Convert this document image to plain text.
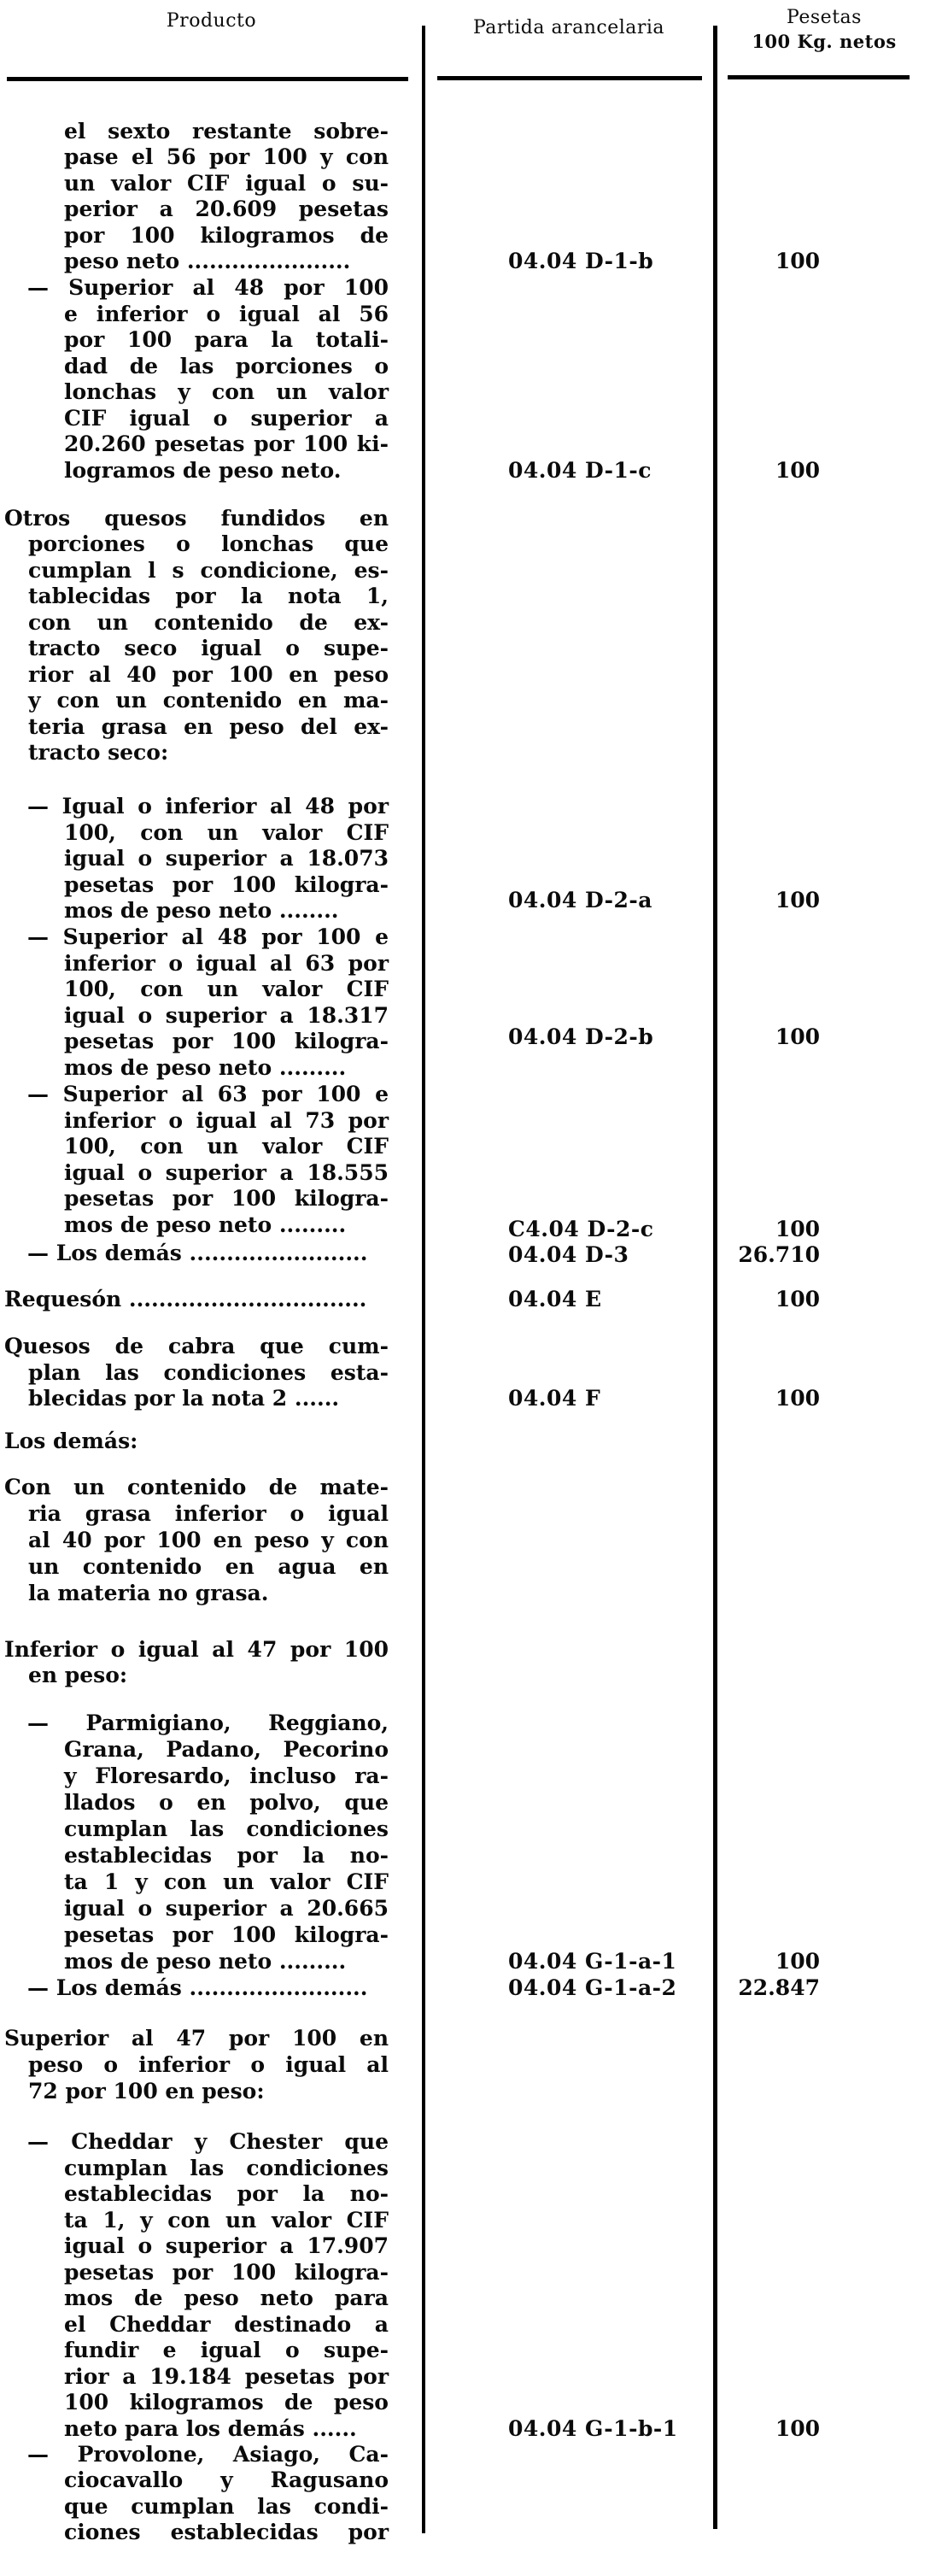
Producto	Partida arancelaria	Pesetas
100 Kg. netos
el sexto restante sobre-
pase el 56 por 100 y con
un valor CIF igual o su-
perior a 20.609 pesetas
por 100 kilogramos de
peso neto ......................
— Superior al 48 por 100
e inferior o igual al 56
por 100 para la totali-
dad de las porciones o
lonchas y con un valor
CIF igual o superior a
20.260 pesetas por 100 ki-
logramos de peso neto.
Otros quesos fundidos en
porciones o lonchas que
cumplan l s condicione, es-
tablecidas por la nota 1,
con un contenido de ex-
tracto seco igual o supe-
rior al 40 por 100 en peso
y con un contenido en ma-
teria grasa en peso del ex-
tracto seco:
— Igual o inferior al 48 por
100, con un valor CIF
igual o superior a 18.073
pesetas por 100 kilogra-
mos de peso neto ........
— Superior al 48 por 100 e
inferior o igual al 63 por
100, con un valor CIF
igual o superior a 18.317
pesetas por 100 kilogra-
mos de peso neto .........
— Superior al 63 por 100 e
inferior o igual al 73 por
100, con un valor CIF
igual o superior a 18.555
pesetas por 100 kilogra-
mos de peso neto .........
— Los demás ........................
Requesón ................................
Quesos de cabra que cum-
plan las condiciones esta-
blecidas por la nota 2 ......
Los demás:
Con un contenido de mate-
ria grasa inferior o igual
al 40 por 100 en peso y con
un contenido en agua en
la materia no grasa.
Inferior o igual al 47 por 100
en peso:
— Parmigiano, Reggiano,
Grana, Padano, Pecorino
y Floresardo, incluso ra-
llados o en polvo, que
cumplan las condiciones
establecidas por la no-
ta 1 y con un valor CIF
igual o superior a 20.665
pesetas por 100 kilogra-
mos de peso neto .........
— Los demás ........................
Superior al 47 por 100 en
peso o inferior o igual al
72 por 100 en peso:
— Cheddar y Chester que
cumplan las condiciones
establecidas por la no-
ta 1, y con un valor CIF
igual o superior a 17.907
pesetas por 100 kilogra-
mos de peso neto para
el Cheddar destinado a
fundir e igual o supe-
rior a 19.184 pesetas por
100 kilogramos de peso
neto para los demás ......
— Provolone, Asiago, Ca-
ciocavallo y Ragusano
que cumplan las condi-
ciones establecidas por
04.04 D-1-b
04.04 D-1-c
04.04 D-2-a
04.04 D-2-b
C4.04 D-2-c
04.04 D-3
04.04 E
04.04 F
04.04 G-1-a-1
04.04 G-1-a-2
04.04 G-1-b-1
100
100
100
100
100
26.710
100
100
100
22.847
100
